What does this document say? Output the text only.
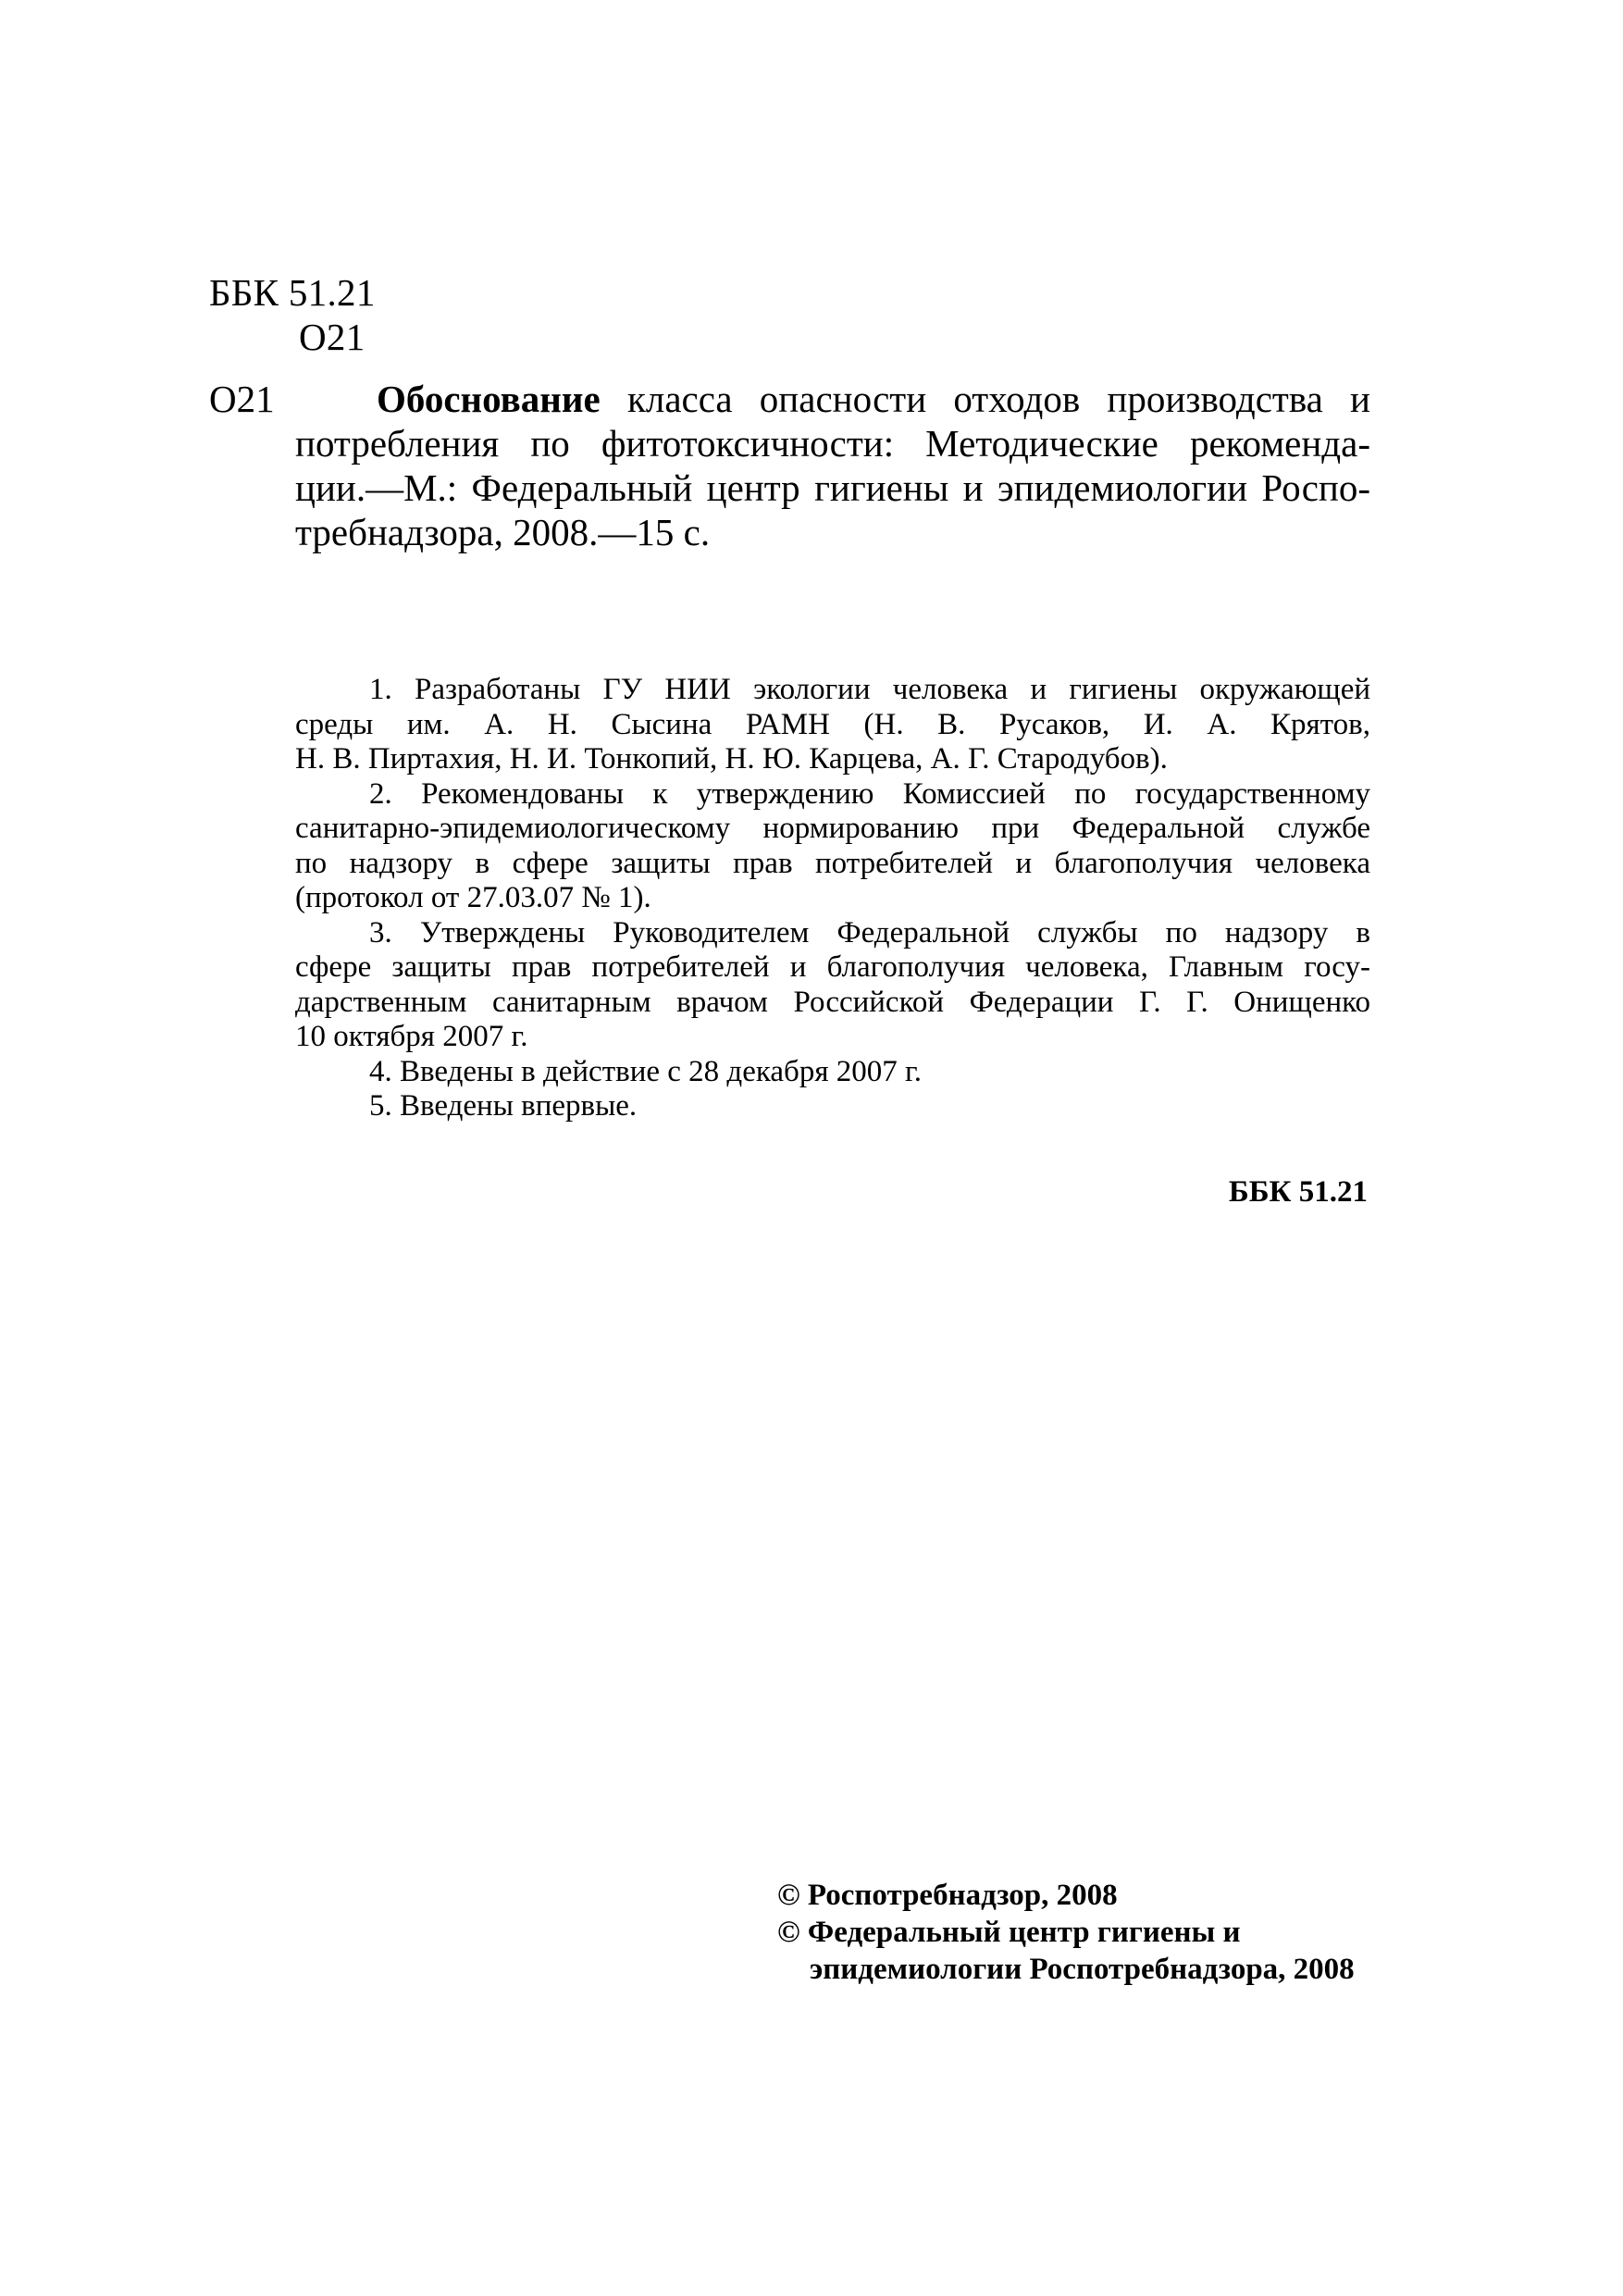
ББК 51.21
О21
О21	Обоснование класса опасности отходов производства и
потребления по фитотоксичности: Методические рекоменда-
ции.—М.: Федеральный центр гигиены и эпидемиологии Роспо-
требнадзора, 2008.—15 с.
1. Разработаны ГУ НИИ экологии человека и гигиены окружающей
среды им. А. Н. Сысина РАМН (Н. В. Русаков, И. А. Крятов,
Н. В. Пиртахия, Н. И. Тонкопий, Н. Ю. Карцева, А. Г. Стародубов).
2. Рекомендованы к утверждению Комиссией по государственному
санитарно-эпидемиологическому нормированию при Федеральной службе
по надзору в сфере защиты прав потребителей и благополучия человека
(протокол от 27.03.07 № 1).
3. Утверждены Руководителем Федеральной службы по надзору в
сфере защиты прав потребителей и благополучия человека, Главным госу-
дарственным санитарным врачом Российской Федерации Г. Г. Онищенко
10 октября 2007 г.
4. Введены в действие с 28 декабря 2007 г.
5. Введены впервые.
ББК 51.21
© Роспотребнадзор, 2008
© Федеральный центр гигиены и
эпидемиологии Роспотребнадзора, 2008
